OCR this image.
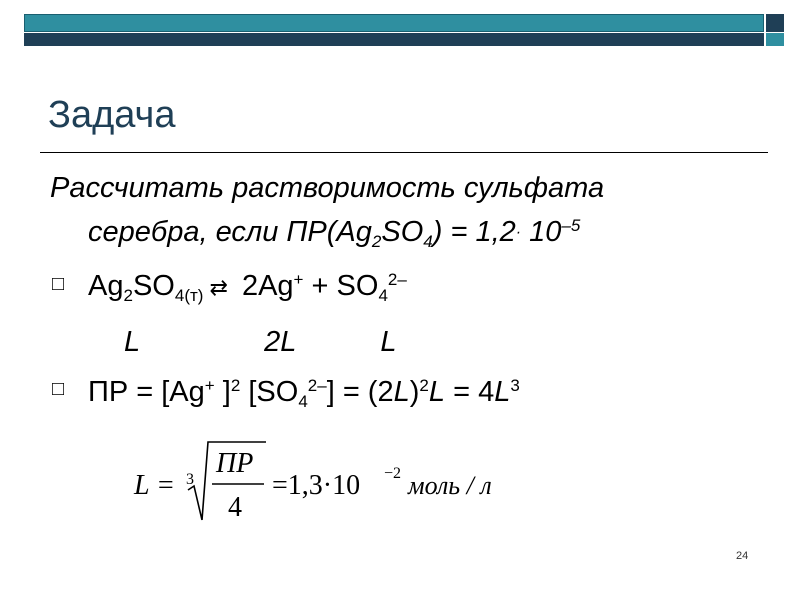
Задача
Рассчитать растворимость сульфата
серебра, если $ПР(Ag_2SO_4) = 1,2\cdot 10^{-5}$
□ $Ag_2SO_{4(т)}$ ⇄ $2Ag^+ + SO_4^{2-}$
L	2L	L
□ ПР = [Ag+ ]$^2$ $[SO_4^{2-}] = (2L)^2L = 4L^3$
L = 3
ПР
4
=1,3·10 −2 моль / л
24
